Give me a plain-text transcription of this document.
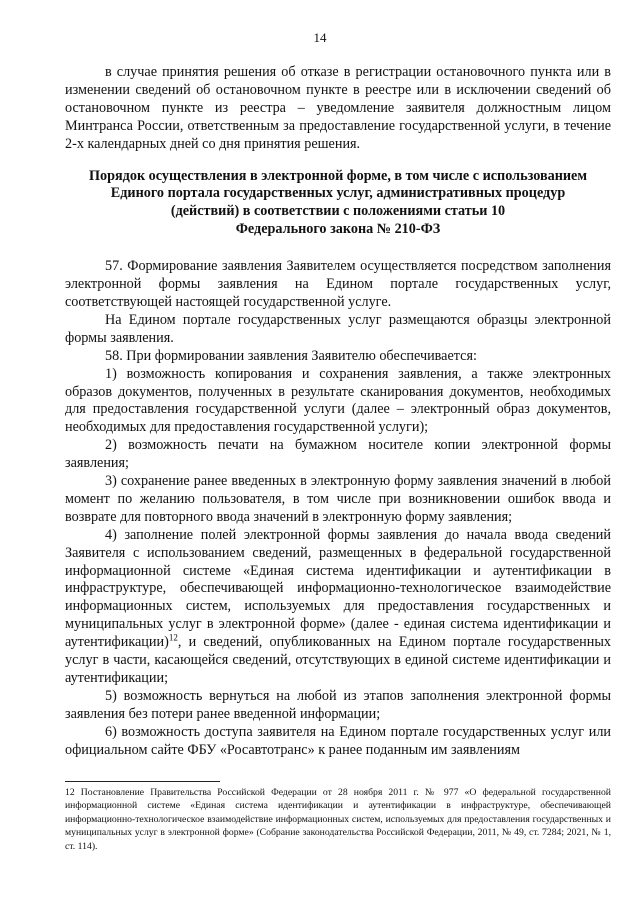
14

в случае принятия решения об отказе в регистрации остановочного пункта или в изменении сведений об остановочном пункте в реестре или в исключении сведений об остановочном пункте из реестра – уведомление заявителя должностным лицом Минтранса России, ответственным за предоставление государственной услуги, в течение 2-х календарных дней со дня принятия решения.

Порядок осуществления в электронной форме, в том числе с использованием
Единого портала государственных услуг, административных процедур
(действий) в соответствии с положениями статьи 10
Федерального закона № 210-ФЗ

57. Формирование заявления Заявителем осуществляется посредством заполнения электронной формы заявления на Едином портале государственных услуг, соответствующей настоящей государственной услуге.

На Едином портале государственных услуг размещаются образцы электронной формы заявления.

58. При формировании заявления Заявителю обеспечивается:

1) возможность копирования и сохранения заявления, а также электронных образов документов, полученных в результате сканирования документов, необходимых для предоставления государственной услуги (далее – электронный образ документов, необходимых для предоставления государственной услуги);

2) возможность печати на бумажном носителе копии электронной формы заявления;

3) сохранение ранее введенных в электронную форму заявления значений в любой момент по желанию пользователя, в том числе при возникновении ошибок ввода и возврате для повторного ввода значений в электронную форму заявления;

4) заполнение полей электронной формы заявления до начала ввода сведений Заявителя с использованием сведений, размещенных в федеральной государственной информационной системе «Единая система идентификации и аутентификации в инфраструктуре, обеспечивающей информационно-технологическое взаимодействие информационных систем, используемых для предоставления государственных и муниципальных услуг в электронной форме» (далее - единая система идентификации и аутентификации)$^{12}$, и сведений, опубликованных на Едином портале государственных услуг в части, касающейся сведений, отсутствующих в единой системе идентификации и аутентификации;

5) возможность вернуться на любой из этапов заполнения электронной формы заявления без потери ранее введенной информации;

6) возможность доступа заявителя на Едином портале государственных услуг или официальном сайте ФБУ «Росавтотранс» к ранее поданным им заявлениям

12 Постановление Правительства Российской Федерации от 28 ноября 2011 г. № 977 «О федеральной государственной информационной системе «Единая система идентификации и аутентификации в инфраструктуре, обеспечивающей информационно-технологическое взаимодействие информационных систем, используемых для предоставления государственных и муниципальных услуг в электронной форме» (Собрание законодательства Российской Федерации, 2011, № 49, ст. 7284; 2021, № 1, ст. 114).
